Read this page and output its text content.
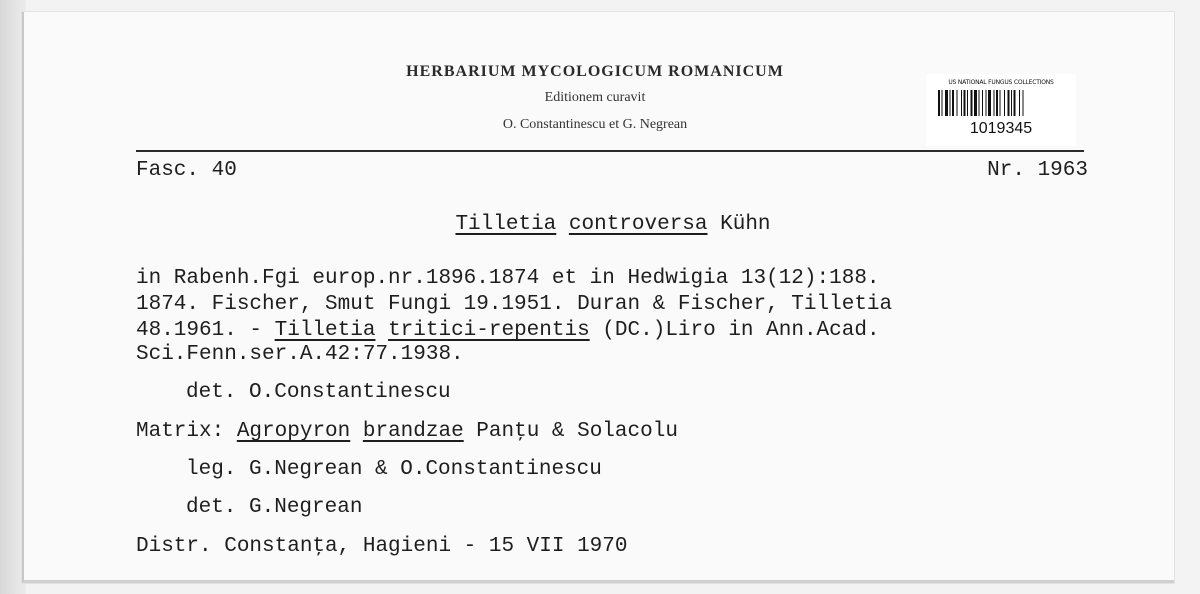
HERBARIUM MYCOLOGICUM ROMANICUM
Editionem curavit
O. Constantinescu et G. Negrean
US NATIONAL FUNGUS COLLECTIONS
1019345
Fasc. 40	Nr. 1963
Tilletia controversa Kühn
in Rabenh.Fgi europ.nr.1896.1874 et in Hedwigia 13(12):188.
1874. Fischer, Smut Fungi 19.1951. Duran & Fischer, Tilletia
48.1961. - Tilletia tritici-repentis (DC.)Liro in Ann.Acad.
Sci.Fenn.ser.A.42:77.1938.
det. O.Constantinescu
Matrix: Agropyron brandzae Panţu & Solacolu
leg. G.Negrean & O.Constantinescu
det. G.Negrean
Distr. Constanţa, Hagieni - 15 VII 1970
